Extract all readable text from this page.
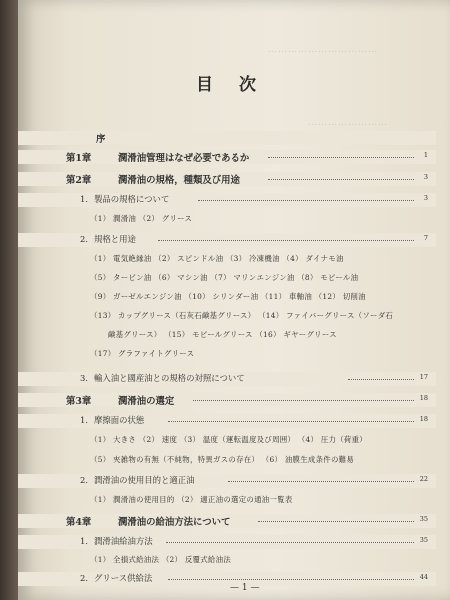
……………………………
……………………
目次
序
第1章	潤滑油管理はなぜ必要であるか	1
第2章	潤滑油の規格，種類及び用途	3
1． 製品の規格について	3
（1） 潤滑油 （2） グリース
2． 規格と用途	7
（1） 電気絶縁油 （2） スピンドル油 （3） 冷凍機油 （4） ダイナモ油
（5） タービン油 （6） マシン油 （7） マリンエンジン油 （8） モビール油
（9） ガーゼルエンジン油 （10） シリンダー油 （11） 車軸油 （12） 切削油
（13） カップグリース（石灰石鹸基グリース） （14） ファイバーグリース（ソーダ石
鹸基グリース） （15） モビールグリース （16） ギヤーグリース
（17） グラファイトグリース
3． 輸入油と國産油との規格の対照について	17
第3章	潤滑油の選定	18
1． 摩擦面の状態	18
（1） 大きさ （2） 速度 （3） 温度（運転温度及び周囲） （4） 圧力（荷重）
（5） 夾雑物の有無（不純物，特異ガスの存在） （6） 油膜生成条件の難易
2． 潤滑油の使用目的と適正油	22
（1） 潤滑油の使用目的 （2） 適正油の選定の通油一覧表
第4章	潤滑油の給油方法について	35
1． 潤滑油給油方法	35
（1） 全損式給油法 （2） 反覆式給油法
2． グリース供給法	44
— 1 —
